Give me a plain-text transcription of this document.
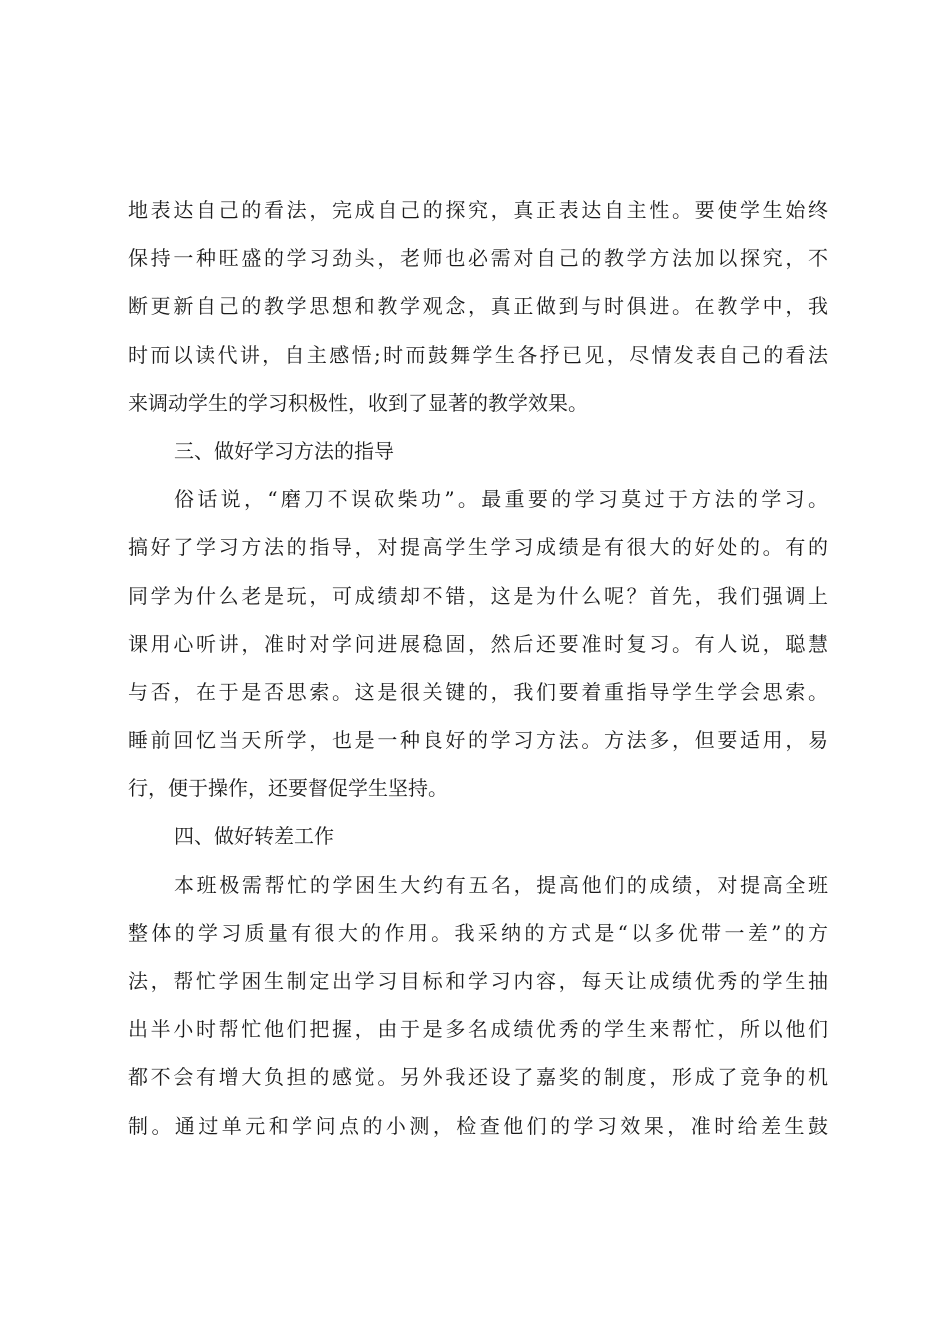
地表达自己的看法，完成自己的探究，真正表达自主性。要使学生始终
保持一种旺盛的学习劲头，老师也必需对自己的教学方法加以探究，不
断更新自己的教学思想和教学观念，真正做到与时俱进。在教学中，我
时而以读代讲，自主感悟;时而鼓舞学生各抒已见，尽情发表自己的看法
来调动学生的学习积极性，收到了显著的教学效果。
三、做好学习方法的指导
俗话说，“磨刀不误砍柴功”。最重要的学习莫过于方法的学习。
搞好了学习方法的指导，对提高学生学习成绩是有很大的好处的。有的
同学为什么老是玩，可成绩却不错，这是为什么呢？首先，我们强调上
课用心听讲，准时对学问进展稳固，然后还要准时复习。有人说，聪慧
与否，在于是否思索。这是很关键的，我们要着重指导学生学会思索。
睡前回忆当天所学，也是一种良好的学习方法。方法多，但要适用，易
行，便于操作，还要督促学生坚持。
四、做好转差工作
本班极需帮忙的学困生大约有五名，提高他们的成绩，对提高全班
整体的学习质量有很大的作用。我采纳的方式是“以多优带一差”的方
法，帮忙学困生制定出学习目标和学习内容，每天让成绩优秀的学生抽
出半小时帮忙他们把握，由于是多名成绩优秀的学生来帮忙，所以他们
都不会有增大负担的感觉。另外我还设了嘉奖的制度，形成了竞争的机
制。通过单元和学问点的小测，检查他们的学习效果，准时给差生鼓
